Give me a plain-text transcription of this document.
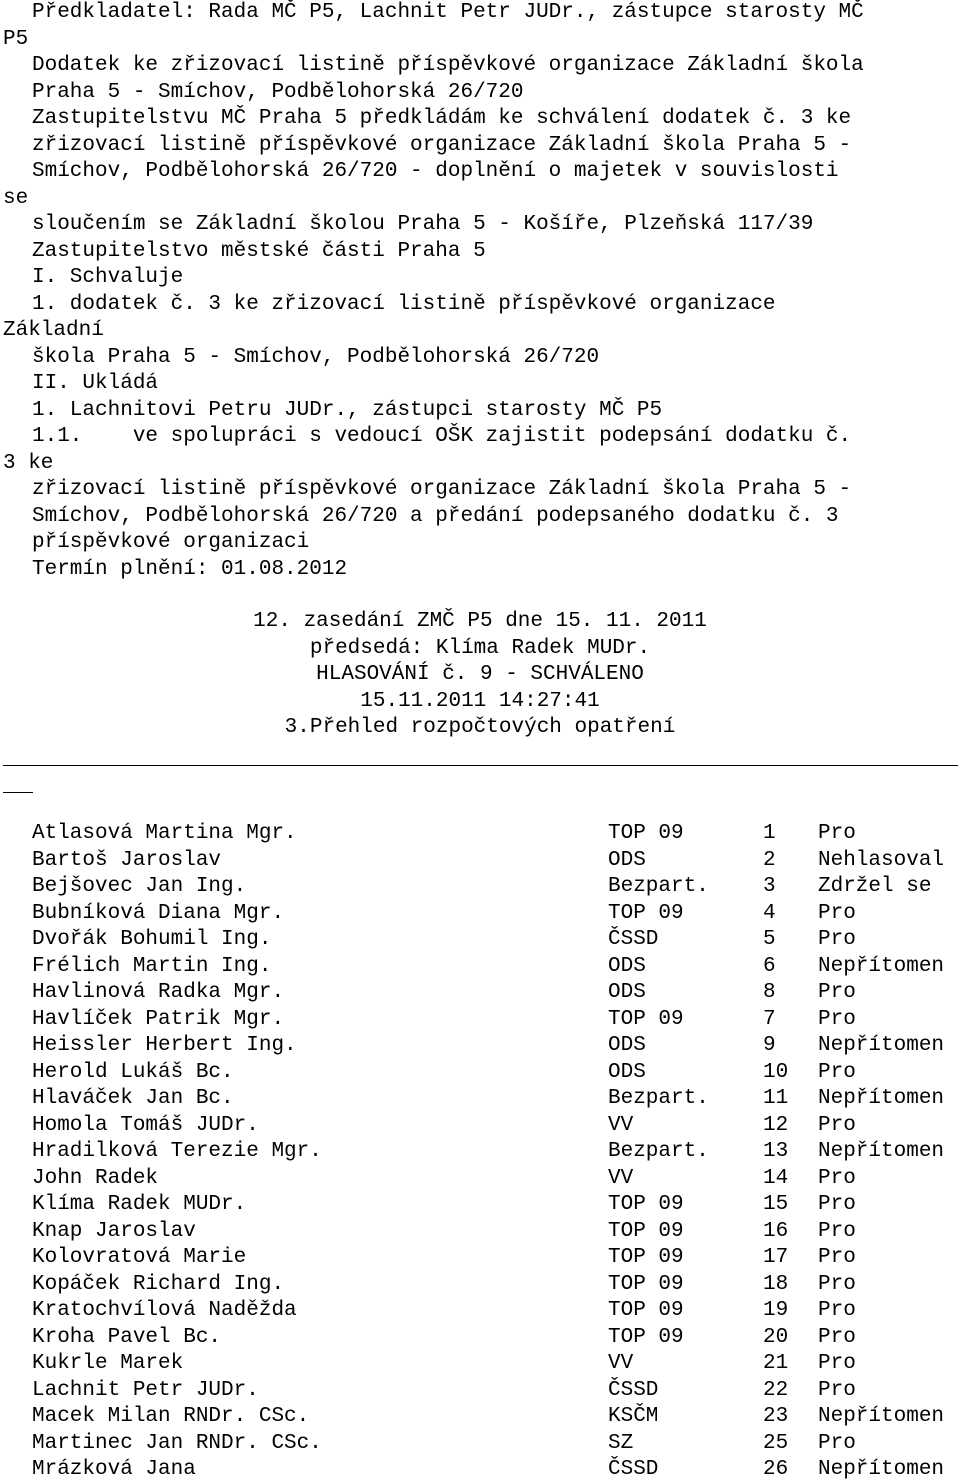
Předkladatel: Rada MČ P5, Lachnit Petr JUDr., zástupce starosty MČ
P5
Dodatek ke zřizovací listině příspěvkové organizace Základní škola
Praha 5 - Smíchov, Podbělohorská 26/720
Zastupitelstvu MČ Praha 5 předkládám ke schválení dodatek č. 3 ke
zřizovací listině příspěvkové organizace Základní škola Praha 5 -
Smíchov, Podbělohorská 26/720 - doplnění o majetek v souvislosti
se
sloučením se Základní školou Praha 5 - Košíře, Plzeňská 117/39
Zastupitelstvo městské části Praha 5
I. Schvaluje
1. dodatek č. 3 ke zřizovací listině příspěvkové organizace
Základní
škola Praha 5 - Smíchov, Podbělohorská 26/720
II. Ukládá
1. Lachnitovi Petru JUDr., zástupci starosty MČ P5
1.1.    ve spolupráci s vedoucí OŠK zajistit podepsání dodatku č.
3 ke
zřizovací listině příspěvkové organizace Základní škola Praha 5 -
Smíchov, Podbělohorská 26/720 a předání podepsaného dodatku č. 3
příspěvkové organizaci
Termín plnění: 01.08.2012
12. zasedání ZMČ P5 dne 15. 11. 2011
předsedá: Klíma Radek MUDr.
HLASOVÁNÍ č. 9 - SCHVÁLENO
15.11.2011 14:27:41
3.Přehled rozpočtových opatření
Atlasová Martina Mgr.	TOP 09	1 Pro
Bartoš Jaroslav	ODS	2 Nehlasoval
Bejšovec Jan Ing.	Bezpart.	3 Zdržel se
Bubníková Diana Mgr.	TOP 09	4 Pro
Dvořák Bohumil Ing.	ČSSD	5 Pro
Frélich Martin Ing.	ODS	6 Nepřítomen
Havlinová Radka Mgr.	ODS	8 Pro
Havlíček Patrik Mgr.	TOP 09	7 Pro
Heissler Herbert Ing.	ODS	9 Nepřítomen
Herold Lukáš Bc.	ODS	10 Pro
Hlaváček Jan Bc.	Bezpart.	11 Nepřítomen
Homola Tomáš JUDr.	VV	12 Pro
Hradilková Terezie Mgr.	Bezpart.	13 Nepřítomen
John Radek	VV	14 Pro
Klíma Radek MUDr.	TOP 09	15 Pro
Knap Jaroslav	TOP 09	16 Pro
Kolovratová Marie	TOP 09	17 Pro
Kopáček Richard Ing.	TOP 09	18 Pro
Kratochvílová Naděžda	TOP 09	19 Pro
Kroha Pavel Bc.	TOP 09	20 Pro
Kukrle Marek	VV	21 Pro
Lachnit Petr JUDr.	ČSSD	22 Pro
Macek Milan RNDr. CSc.	KSČM	23 Nepřítomen
Martinec Jan RNDr. CSc.	SZ	25 Pro
Mrázková Jana	ČSSD	26 Nepřítomen
